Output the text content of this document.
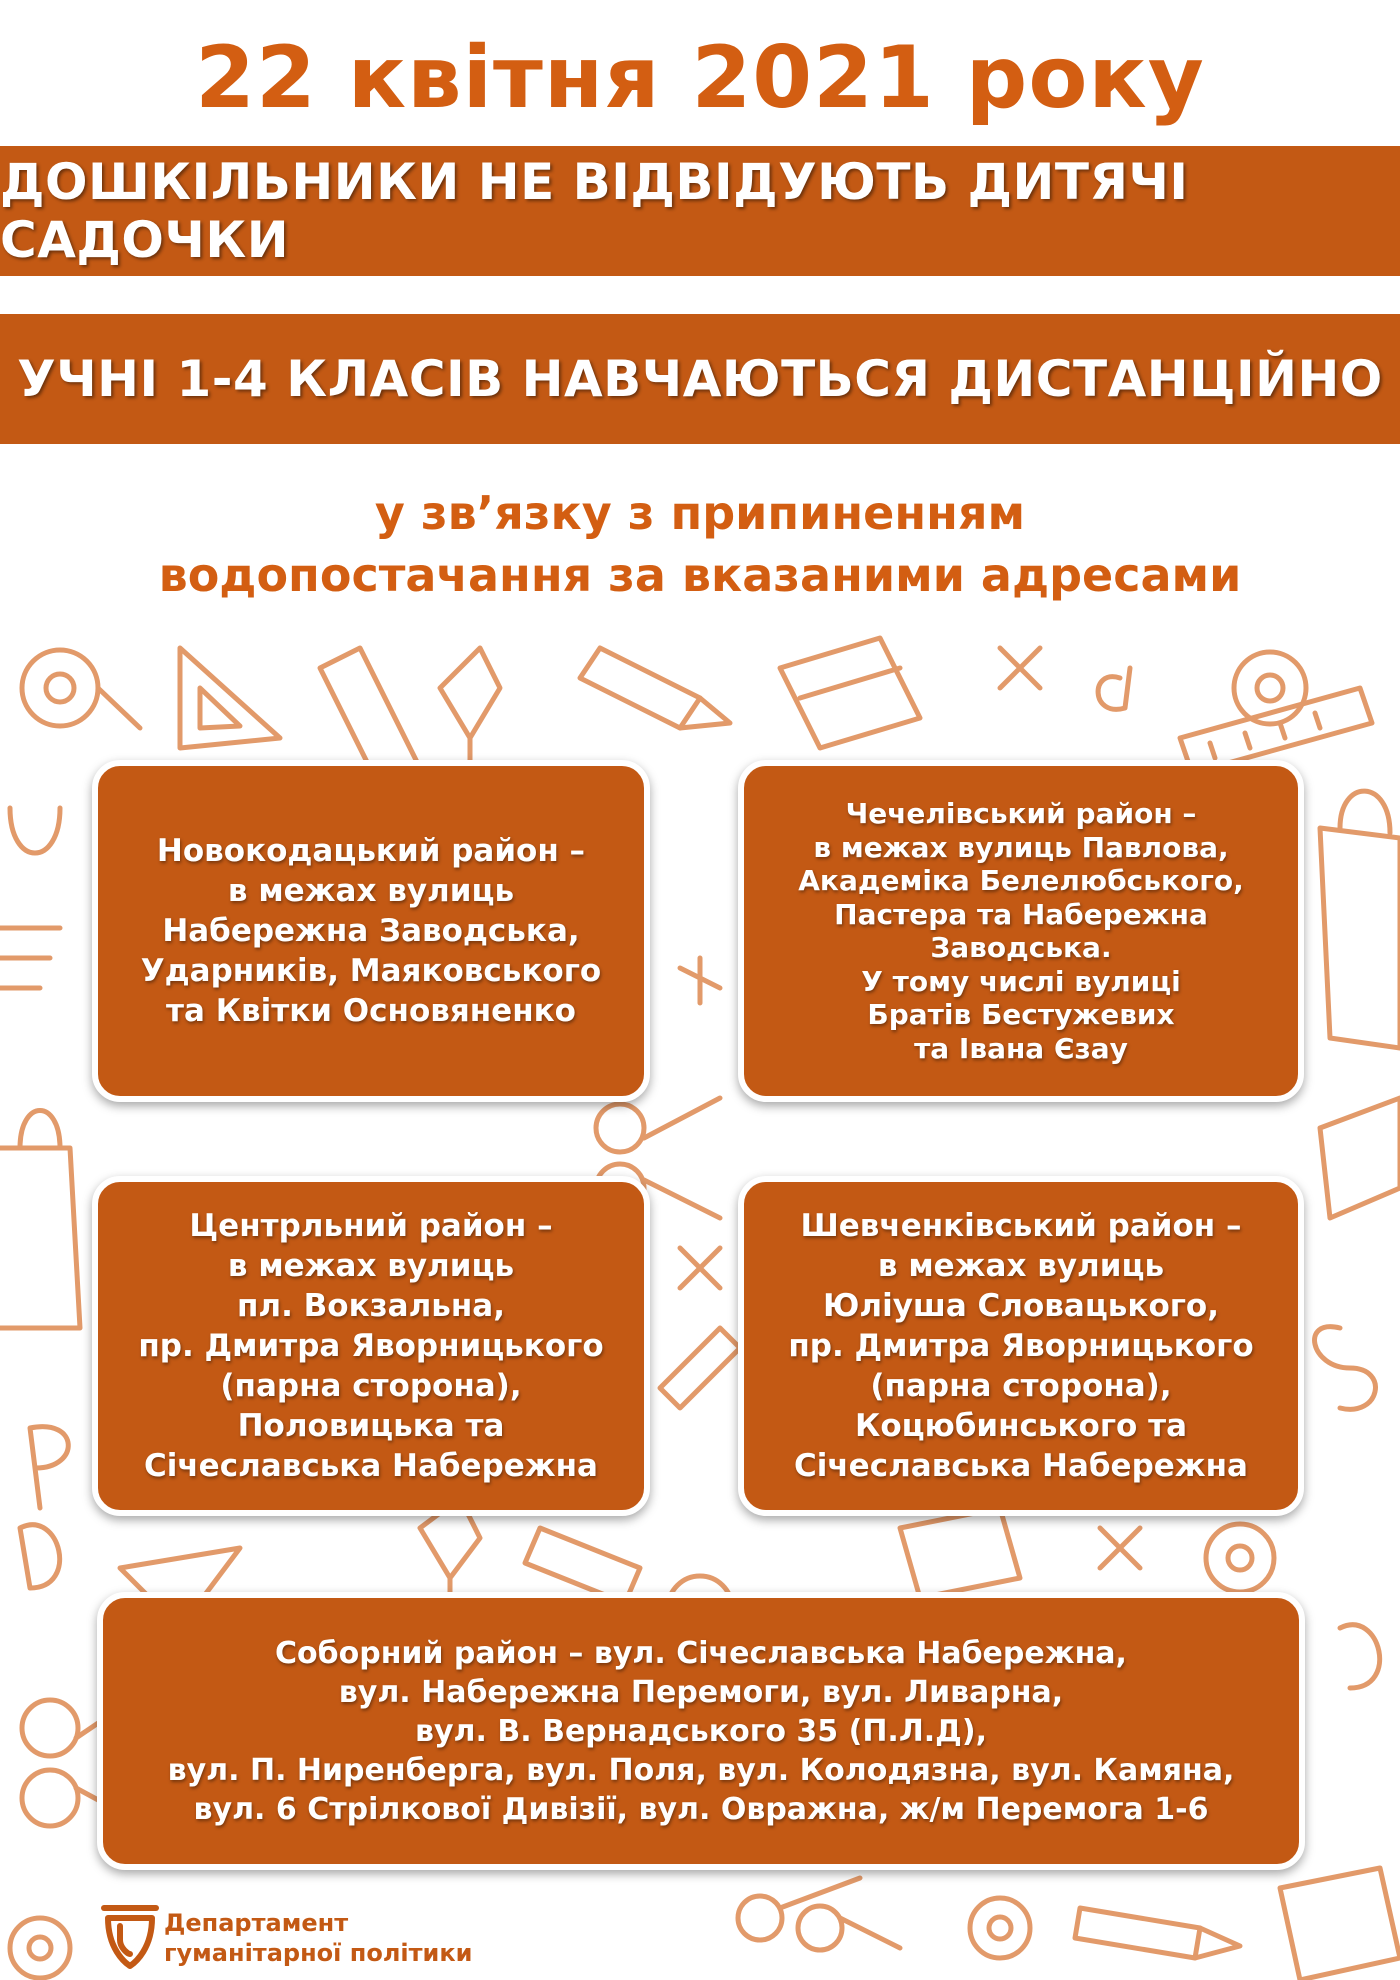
22 квітня 2021 року
ДОШКІЛЬНИКИ НЕ ВІДВІДУЮТЬ ДИТЯЧІ САДОЧКИ
УЧНІ 1-4 КЛАСІВ НАВЧАЮТЬСЯ ДИСТАНЦІЙНО
у звʼязку з припиненням
водопостачання за вказаними адресами
Новокодацький район –
в межах вулиць
Набережна Заводська,
Ударників, Маяковського
та Квітки Основяненко
Чечелівський район –
в межах вулиць Павлова,
Академіка Белелюбського,
Пастера та Набережна
Заводська.
У тому числі вулиці
Братів Бестужевих
та Івана Єзау
Центрльний район –
в межах вулиць
пл. Вокзальна,
пр. Дмитра Яворницького
(парна сторона),
Половицька та
Січеславська Набережна
Шевченківський район –
в межах вулиць
Юліуша Словацького,
пр. Дмитра Яворницького
(парна сторона),
Коцюбинського та
Січеславська Набережна
Соборний район – вул. Січеславська Набережна,
вул. Набережна Перемоги, вул. Ливарна,
вул. В. Вернадського 35 (П.Л.Д),
вул. П. Ниренберга, вул. Поля, вул. Колодязна, вул. Камяна,
вул. 6 Стрілкової Дивізії, вул. Овражна, ж/м Перемога 1-6
Департамент
гуманітарної політики
